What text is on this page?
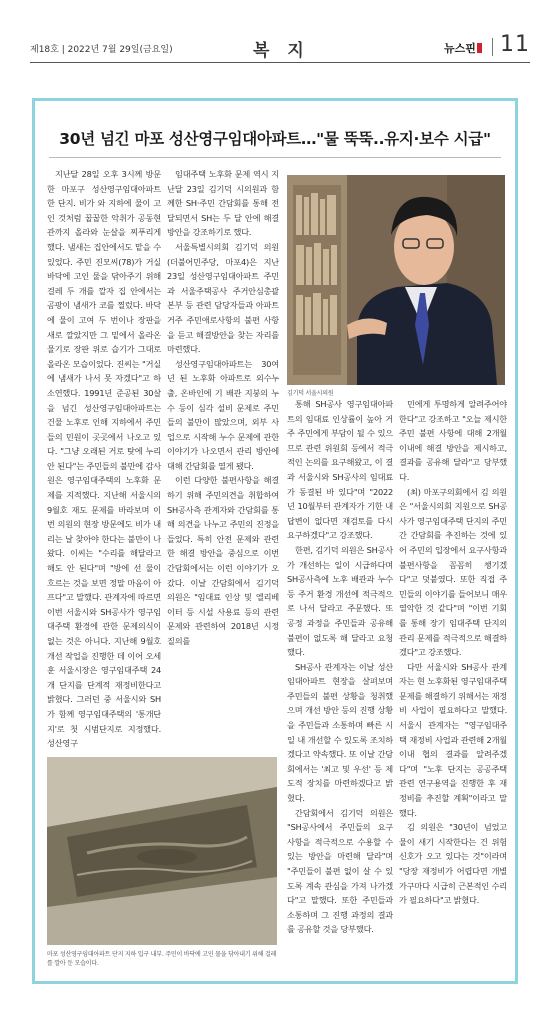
제18호 | 2022년 7월 29일(금요일)	복 지	뉴스핀 11
30년 넘긴 마포 성산영구임대아파트…"물 뚝뚝..유지·보수 시급"

지난달 28일 오후 3시께 방문한 마포구 성산영구임대아파트 한 단지. 비가 와 지하에 물이 고인 것처럼 꿉꿉한 악취가 공동현관까지 올라와 눈살을 찌푸리게 했다. 냄새는 집안에서도 맡을 수 있었다. 주민 진모씨(78)가 거실 바닥에 고인 물을 닦아주기 위해 걸레 두 개를 깔자 집 안에서는 곰팡이 냄새가 코를 찔렀다. 바닥에 물이 고여 두 번이나 장판을 새로 깔았지만 그 밑에서 올라온 물기로 장판 위로 습기가 그대로 올라온 모습이었다. 진씨는 "거실에 냄새가 나서 못 자겠다"고 하소연했다. 1991년 준공된 30살을 넘긴 성산영구임대아파트는 건물 노후로 인해 지하에서 주민들의 민원이 곳곳에서 나오고 있다. "그냥 오래된 거로 탓에 누리 안 된다"는 주민들의 불만에 감사원은 영구임대주택의 노후화 문제를 지적했다. 지난해 서울시의 9월호 재도 문제를 바라보며 이번 의원의 현장 방문에도 비가 내리는 날 찾아야 한다는 불만이 나왔다. 이씨는 "수리를 해달라고 해도 안 된다"며 "방에 선 물이 흐르는 것을 보면 정말 마음이 아프다"고 말했다. 관계자에 따르면 이번 서울시와 SH공사가 영구임대주택 환경에 관한 문제의식이 없는 것은 아니다. 지난해 9월호 개선 작업을 진행한 데 이어 오세훈 서울시장은 영구임대주택 24개 단지를 단계적 재정비한다고 밝혔다. 그러던 중 서울시와 SH가 함께 영구임대주택의 '통개단지'로 첫 시범단지로 지정했다. 성산영구

임대주택 노후화 문제 역시 지난달 23일 김기덕 시의원과 함께한 SH·주민 간담회를 통해 전달되면서 SH는 두 달 안에 해결 방안을 강조하기로 했다.

서울특별시의회 김기덕 의원(더불어민주당, 마포4)은 지난 23일 성산영구임대아파트 주민과 서울주택공사 주거안심총괄본부 등 관련 담당자들과 아파트 거주 주민애로사항의 불편 사항을 듣고 해결방안을 찾는 자리를 마련했다.

성산영구임대아파트는 30여년 된 노후화 아파트로 외수누출, 온바인에 기 배관 지붕의 누수 등이 심각 설비 문제로 주민들의 불만이 많았으며, 외부 사업으로 시작해 누수 문제에 관한 이야기가 나오면서 관리 방안에 대해 간담회를 열게 됐다.

이런 다양한 불편사항을 해결하기 위해 주민의견을 취합하여 SH공사측 관계자와 간담회를 통해 의견을 나누고 주민의 진정을 들었다. 특히 안전 문제와 관련한 해결 방안을 중심으로 이번 간담회에서는 이런 이야기가 오갔다. 이날 간담회에서 김기덕 의원은 "임대료 인상 및 엘리베이터 등 시설 사용료 등의 관련 문제와 관련하여 2018년 시정질의를

김기덕 서울시의원

통해 SH공사 영구임대아파트의 임대료 인상률이 높아 거주 주민에게 부담이 될 수 있으므로 관련 위원회 등에서 적극적인 논의를 요구해왔고, 이 결과 서울시와 SH공사의 임대료가 동결된 바 있다"며 "2022년 10월부터 관계자가 기한 내 답변이 없다면 재검토를 다시 요구하겠다"고 강조했다.

한편, 김기덕 의원은 SH공사가 개선하는 일이 시급하다며 SH공사측에 노후 배관과 누수 등 주거 환경 개선에 적극적으로 나서 달라고 주문했다. 또 공정 과정을 주민들과 공유해 불편이 없도록 해 달라고 요청했다.

SH공사 관계자는 이날 성산임대아파트 현장을 살펴보며 주민들의 불편 상황을 청취했으며 개선 방안 등의 진행 상황을 주민들과 소통하며 빠른 시일 내 개선할 수 있도록 조치하겠다고 약속했다. 또 이날 간담회에서는 '최고 및 우선' 등 제도적 장치를 마련하겠다고 밝혔다.

간담회에서 김기덕 의원은 "SH공사에서 주민들의 요구 사항을 적극적으로 수용할 수 있는 방안을 마련해 달라"며 "주민들이 불편 없이 살 수 있도록 계속 관심을 가져 나가겠다"고 말했다. 또한 주민들과 소통하며 그 진행 과정의 결과를 공유할 것을 당부했다.

민에게 투명하게 알려주어야 한다"고 강조하고 "오늘 제시한 주민 불편 사항에 대해 2개월 이내에 해결 방안을 제시하고, 결과를 공유해 달라"고 당부했다.

(최) 마포구의회에서 김 의원은 "서울시의회 지원으로 SH공사가 영구임대주택 단지의 주민 간 간담회를 추진하는 것에 있어 주민의 입장에서 요구사항과 불편사항을 꼼꼼히 챙기겠다"고 덧붙였다. 또한 직접 주민들의 이야기를 들어보니 매우 열악한 것 같다"며 "이번 기회를 통해 장기 임대주택 단지의 관리 문제를 적극적으로 해결하겠다"고 강조했다.

다만 서울시와 SH공사 관계자는 현 노후화된 영구임대주택 문제를 해결하기 위해서는 재정비 사업이 필요하다고 말했다. 서울시 관계자는 "영구임대주택 재정비 사업과 관련해 2개월 이내 협의 결과를 알려주겠다"며 "노후 단지는 공공주택 관련 연구용역을 진행한 후 재정비를 추진할 계획"이라고 말했다.

김 의원은 "30년이 넘었고 물이 새기 시작한다는 건 위험 신호가 오고 있다는 것"이라며 "당장 재정비가 어렵다면 개별 가구마다 시급히 근본적인 수리가 필요하다"고 밝혔다.

마포 성산영구임대아파트 단지 지하 입구 내부. 주민이 바닥에 고인 물을 닦아내기 위해 걸레를 깔아 둔 모습이다.
